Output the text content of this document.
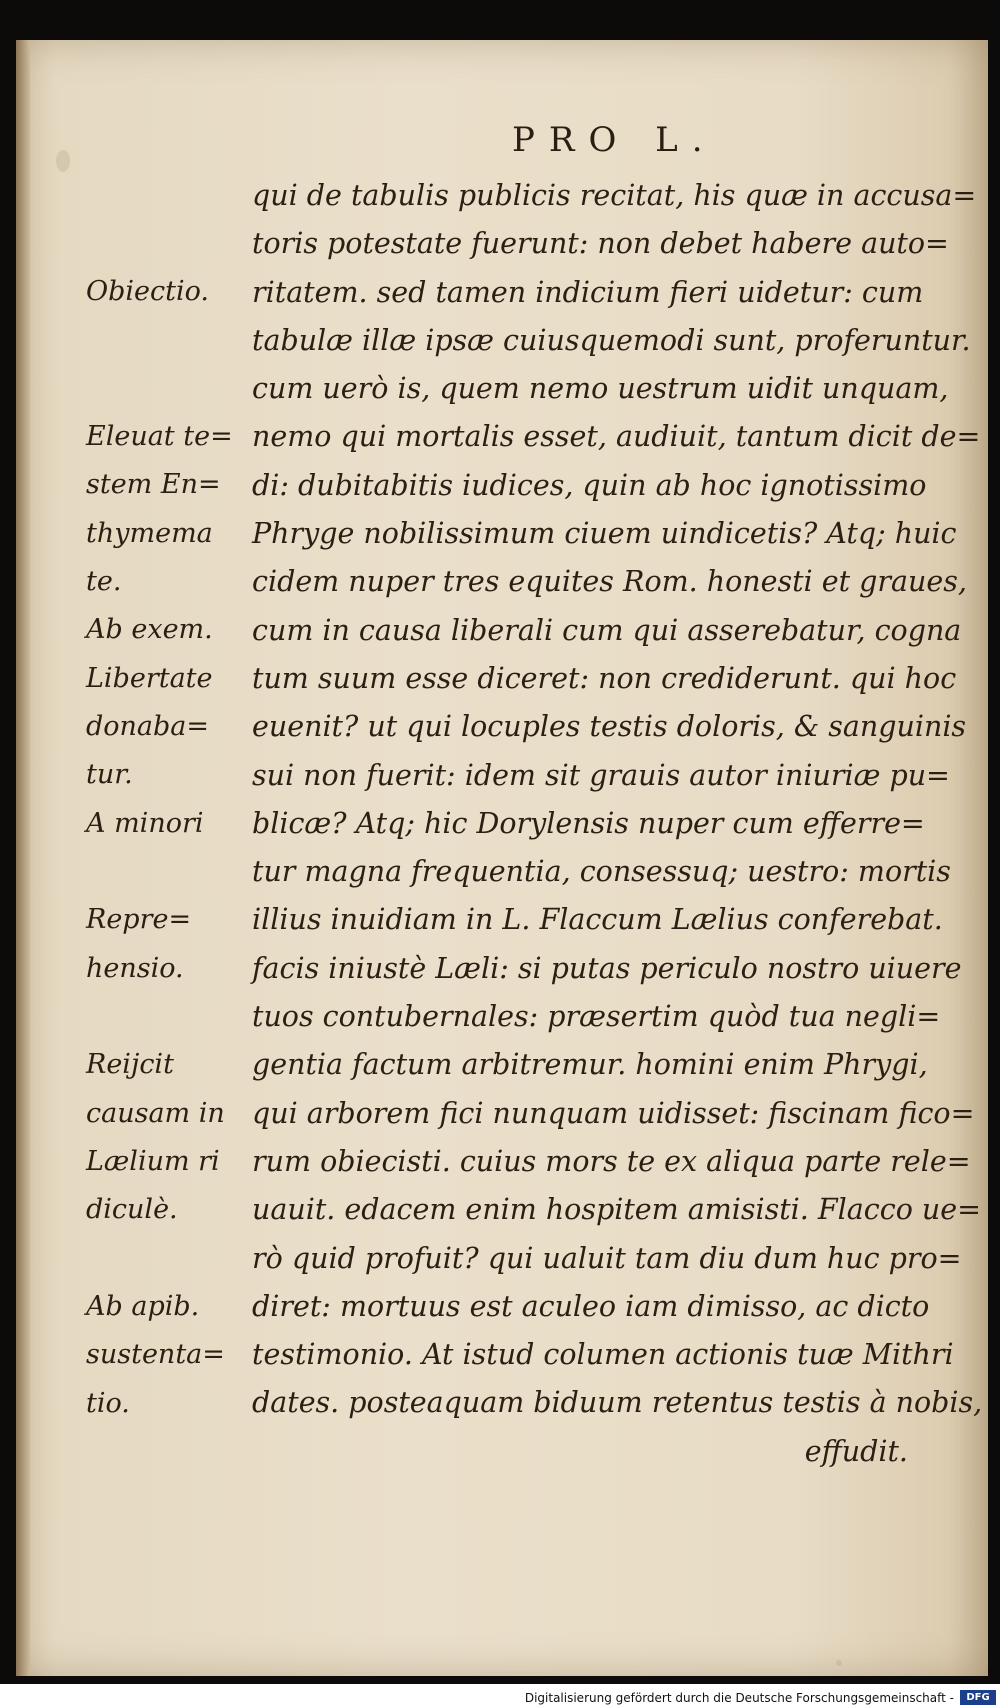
PRO L.
qui de tabulis publicis recitat, his quæ in accusa=
toris potestate fuerunt: non debet habere auto=
ritatem. sed tamen indicium fieri uidetur: cum
tabulæ illæ ipsæ cuiusquemodi sunt, proferuntur.
cum uerò is, quem nemo uestrum uidit unquam,
nemo qui mortalis esset, audiuit, tantum dicit de=
di: dubitabitis iudices, quin ab hoc ignotissimo
Phryge nobilissimum ciuem uindicetis? Atq; huic
cidem nuper tres equites Rom. honesti et graues,
cum in causa liberali cum qui asserebatur, cogna
tum suum esse diceret: non crediderunt. qui hoc
euenit? ut qui locuples testis doloris, & sanguinis
sui non fuerit: idem sit grauis autor iniuriæ pu=
blicæ? Atq; hic Dorylensis nuper cum efferre=
tur magna frequentia, consessuq; uestro: mortis
illius inuidiam in L. Flaccum Lælius conferebat.
facis iniustè Læli: si putas periculo nostro uiuere
tuos contubernales: præsertim quòd tua negli=
gentia factum arbitremur. homini enim Phrygi,
qui arborem fici nunquam uidisset: fiscinam fico=
rum obiecisti. cuius mors te ex aliqua parte rele=
uauit. edacem enim hospitem amisisti. Flacco ue=
rò quid profuit? qui ualuit tam diu dum huc pro=
diret: mortuus est aculeo iam dimisso, ac dicto
testimonio. At istud columen actionis tuæ Mithri
dates. posteaquam biduum retentus testis à nobis,
effudit.
Obiectio.
Eleuat te=
stem En=
thymema
te.
Ab exem.
Libertate
donaba=
tur.
A minori
Repre=
hensio.
Reijcit
causam in
Lælium ri
diculè.
Ab apib.
sustenta=
tio.
Digitalisierung gefördert durch die Deutsche Forschungsgemeinschaft -	DFG
